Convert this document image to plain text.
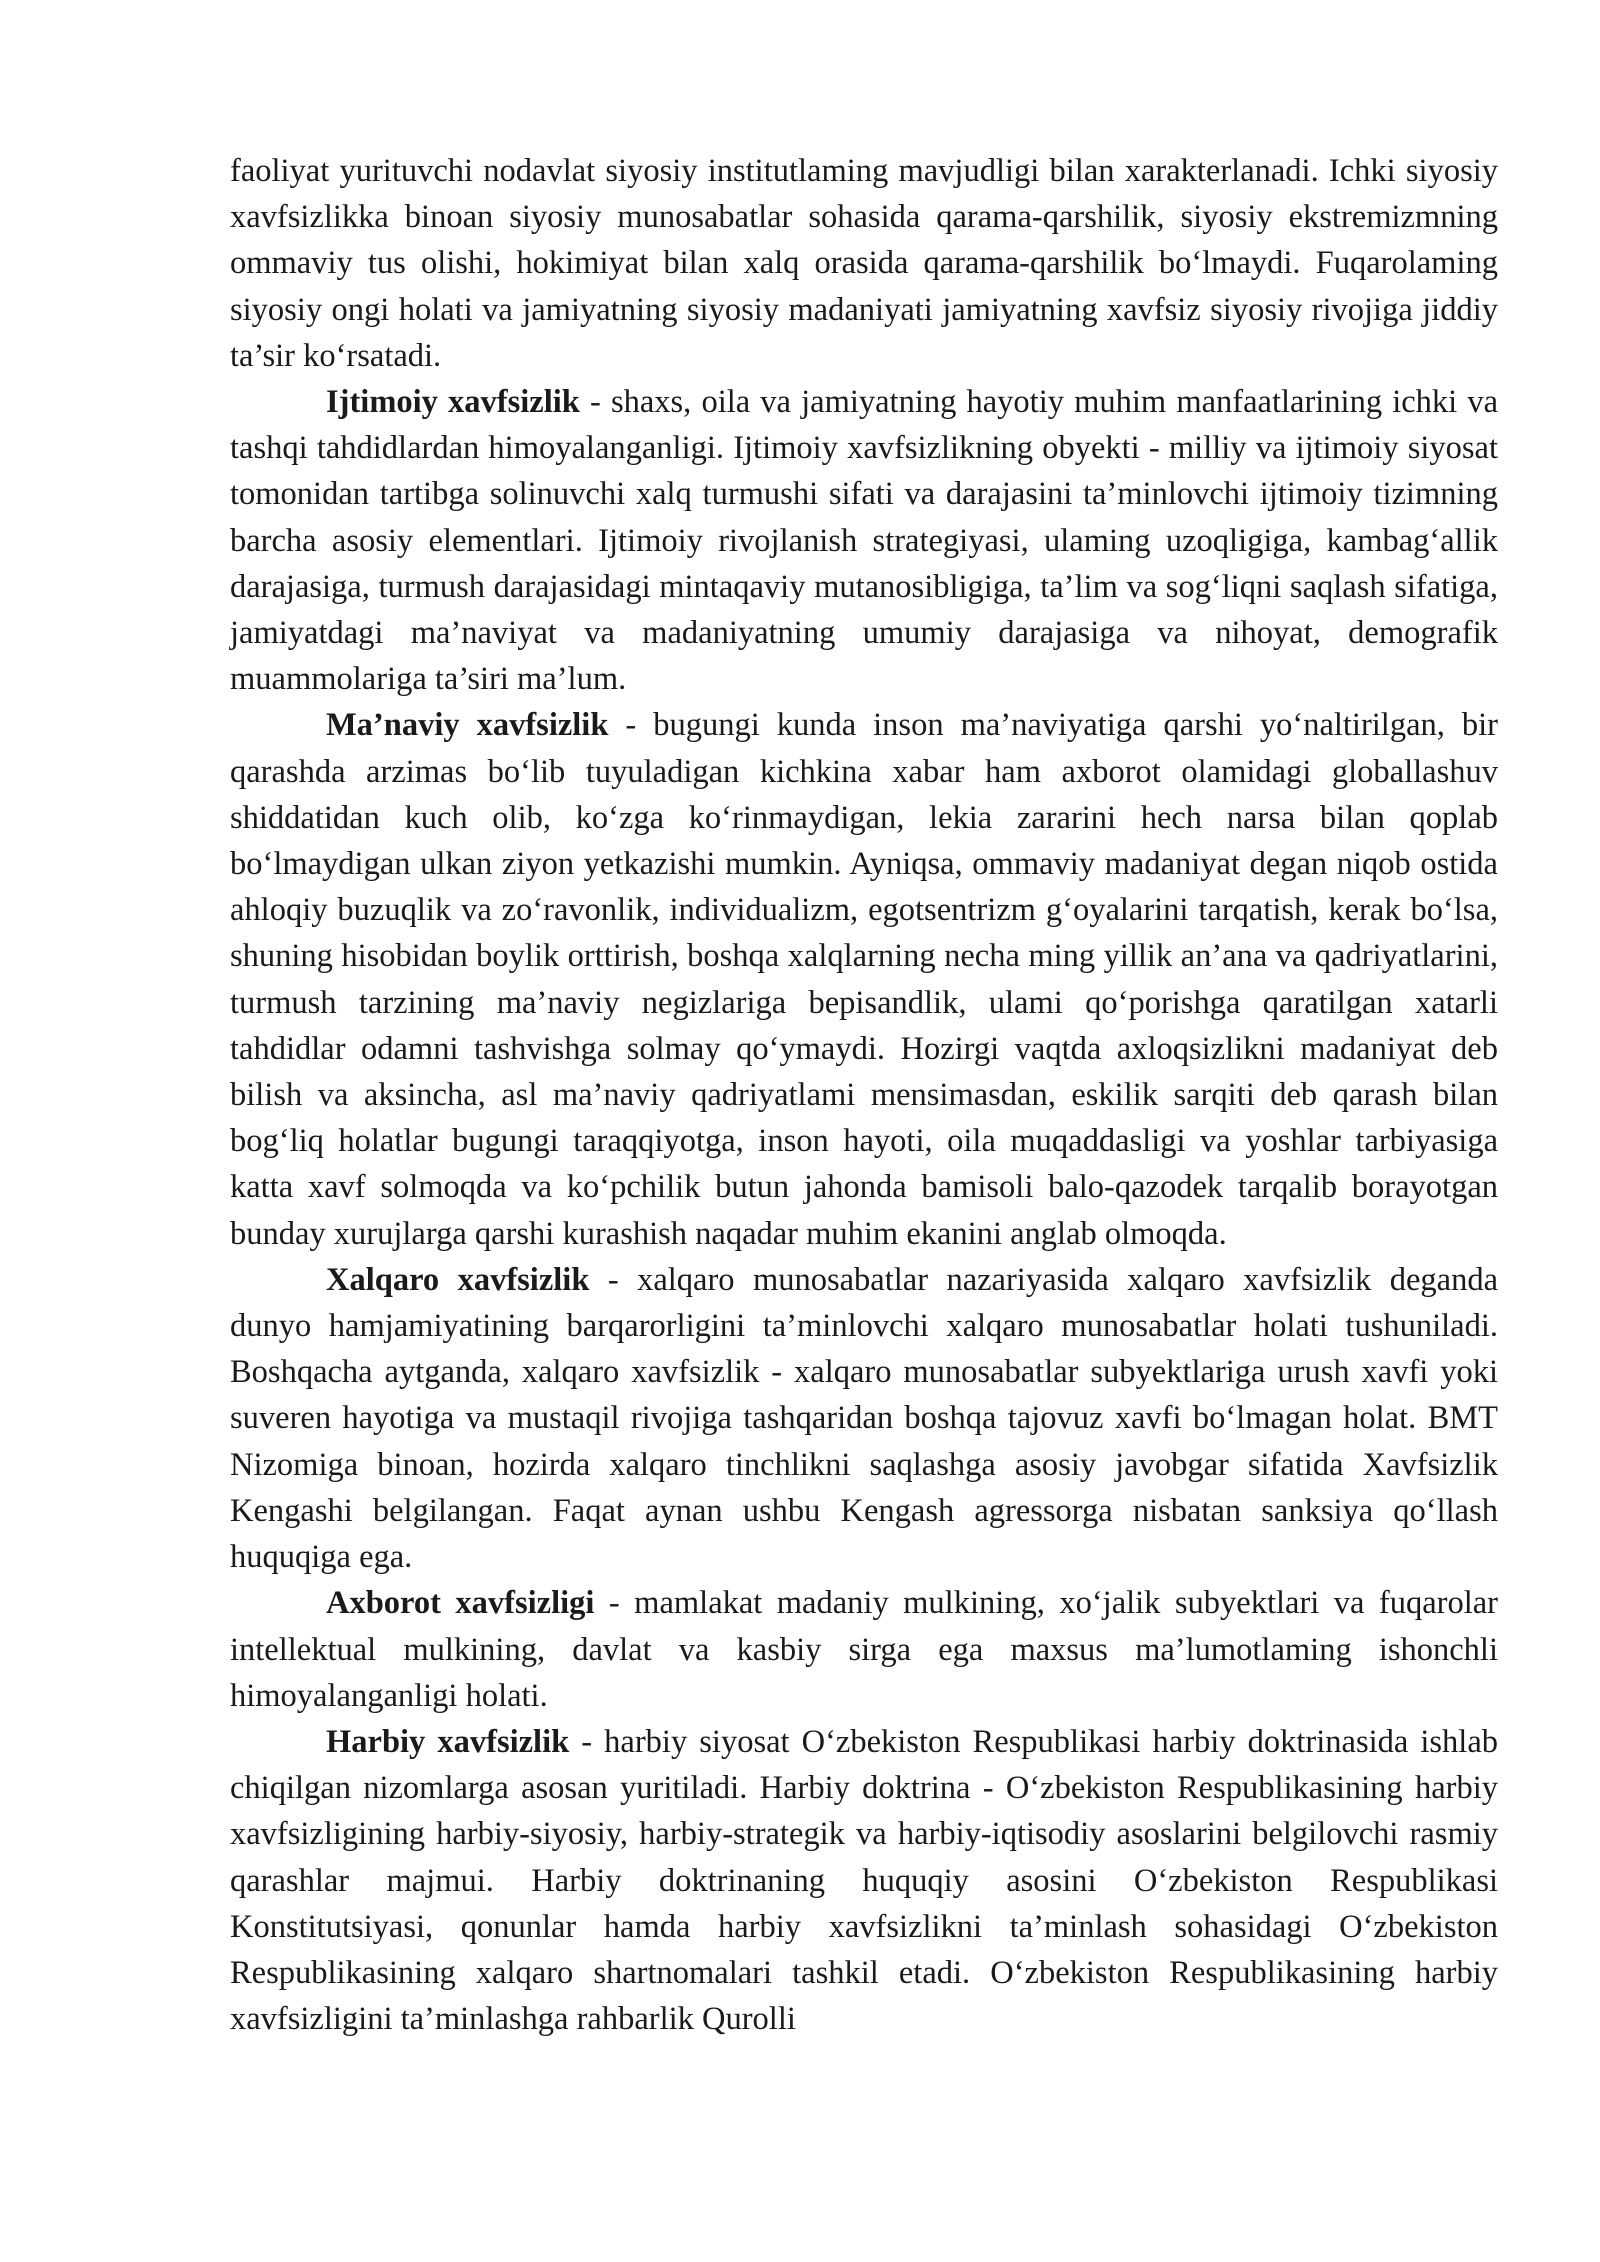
faoliyat yurituvchi nodavlat siyosiy institutlaming mavjudligi bilan xarakterlanadi. Ichki siyosiy xavfsizlikka binoan siyosiy munosabatlar sohasida qarama-qarshilik, siyosiy ekstremizmning ommaviy tus olishi, hokimiyat bilan xalq orasida qarama-qarshilik bo‘lmaydi. Fuqarolaming siyosiy ongi holati va jamiyatning siyosiy madaniyati jamiyatning xavfsiz siyosiy rivojiga jiddiy ta’sir ko‘rsatadi.

Ijtimoiy xavfsizlik - shaxs, oila va jamiyatning hayotiy muhim manfaatlarining ichki va tashqi tahdidlardan himoyalanganligi. Ijtimoiy xavfsizlikning obyekti - milliy va ijtimoiy siyosat tomonidan tartibga solinuvchi xalq turmushi sifati va darajasini ta’minlovchi ijtimoiy tizimning barcha asosiy elementlari. Ijtimoiy rivojlanish strategiyasi, ulaming uzoqligiga, kambag‘allik darajasiga, turmush darajasidagi mintaqaviy mutanosibligiga, ta’lim va sog‘liqni saqlash sifatiga, jamiyatdagi ma’naviyat va madaniyatning umumiy darajasiga va nihoyat, demografik muammolariga ta’siri ma’lum.

Ma’naviy xavfsizlik - bugungi kunda inson ma’naviyatiga qarshi yo‘naltirilgan, bir qarashda arzimas bo‘lib tuyuladigan kichkina xabar ham axborot olamidagi globallashuv shiddatidan kuch olib, ko‘zga ko‘rinmaydigan, lekia zararini hech narsa bilan qoplab bo‘lmaydigan ulkan ziyon yetkazishi mumkin. Ayniqsa, ommaviy madaniyat degan niqob ostida ahloqiy buzuqlik va zo‘ravonlik, individualizm, egotsentrizm g‘oyalarini tarqatish, kerak bo‘lsa, shuning hisobidan boylik orttirish, boshqa xalqlarning necha ming yillik an’ana va qadriyatlarini, turmush tarzining ma’naviy negizlariga bepisandlik, ulami qo‘porishga qaratilgan xatarli tahdidlar odamni tashvishga solmay qo‘ymaydi. Hozirgi vaqtda axloqsizlikni madaniyat deb bilish va aksincha, asl ma’naviy qadriyatlami mensimasdan, eskilik sarqiti deb qarash bilan bog‘liq holatlar bugungi taraqqiyotga, inson hayoti, oila muqaddasligi va yoshlar tarbiyasiga katta xavf solmoqda va ko‘pchilik butun jahonda bamisoli balo-qazodek tarqalib borayotgan bunday xurujlarga qarshi kurashish naqadar muhim ekanini anglab olmoqda.

Xalqaro xavfsizlik - xalqaro munosabatlar nazariyasida xalqaro xavfsizlik deganda dunyo hamjamiyatining barqarorligini ta’minlovchi xalqaro munosabatlar holati tushuniladi. Boshqacha aytganda, xalqaro xavfsizlik - xalqaro munosabatlar subyektlariga urush xavfi yoki suveren hayotiga va mustaqil rivojiga tashqaridan boshqa tajovuz xavfi bo‘lmagan holat. BMT Nizomiga binoan, hozirda xalqaro tinchlikni saqlashga asosiy javobgar sifatida Xavfsizlik Kengashi belgilangan. Faqat aynan ushbu Kengash agressorga nisbatan sanksiya qo‘llash huquqiga ega.

Axborot xavfsizligi - mamlakat madaniy mulkining, xo‘jalik subyektlari va fuqarolar intellektual mulkining, davlat va kasbiy sirga ega maxsus ma’lumotlaming ishonchli himoyalanganligi holati.

Harbiy xavfsizlik - harbiy siyosat O‘zbekiston Respublikasi harbiy doktrinasida ishlab chiqilgan nizomlarga asosan yuritiladi. Harbiy doktrina - O‘zbekiston Respublikasining harbiy xavfsizligining harbiy-siyosiy, harbiy-strategik va harbiy-iqtisodiy asoslarini belgilovchi rasmiy qarashlar majmui. Harbiy doktrinaning huquqiy asosini O‘zbekiston Respublikasi Konstitutsiyasi, qonunlar hamda harbiy xavfsizlikni ta’minlash sohasidagi O‘zbekiston Respublikasining xalqaro shartnomalari tashkil etadi. O‘zbekiston Respublikasining harbiy xavfsizligini ta’minlashga rahbarlik Qurolli
